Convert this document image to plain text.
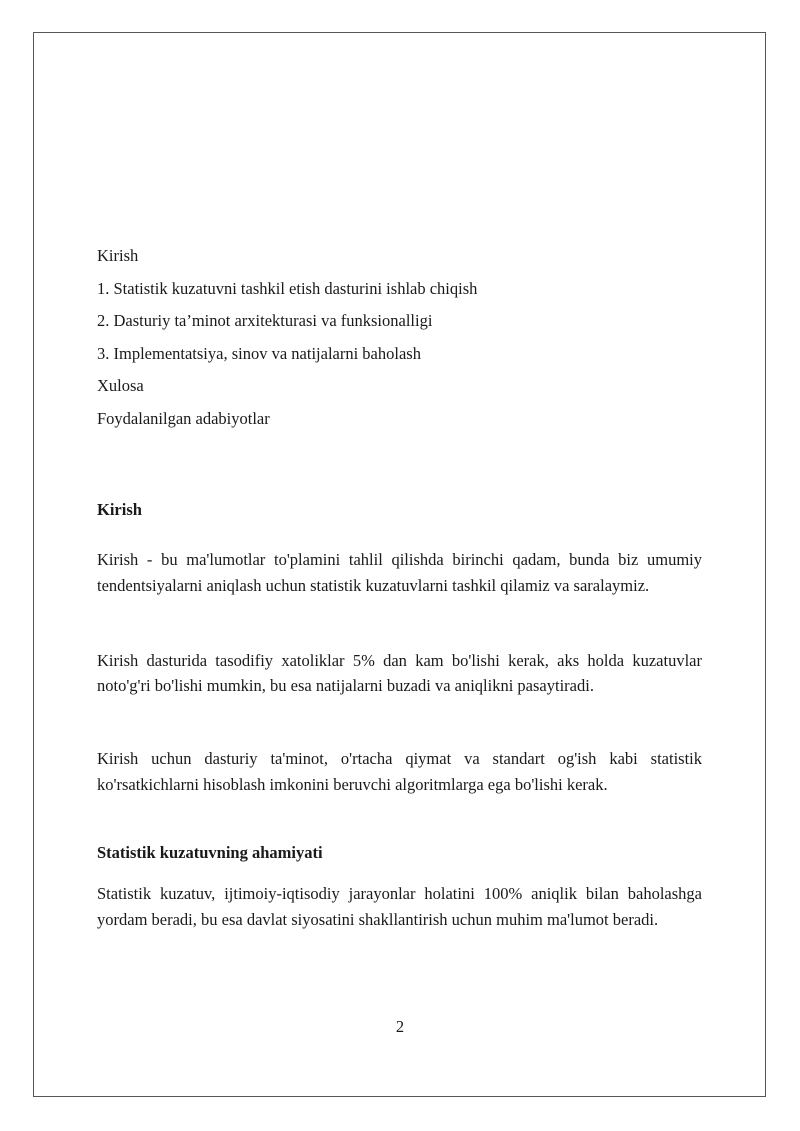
Kirish
1. Statistik kuzatuvni tashkil etish dasturini ishlab chiqish
2. Dasturiy ta’minot arxitekturasi va funksionalligi
3. Implementatsiya, sinov va natijalarni baholash
Xulosa
Foydalanilgan adabiyotlar

Kirish

Kirish - bu ma'lumotlar to'plamini tahlil qilishda birinchi qadam, bunda biz umumiy tendentsiyalarni aniqlash uchun statistik kuzatuvlarni tashkil qilamiz va saralaymiz.

Kirish dasturida tasodifiy xatoliklar 5% dan kam bo'lishi kerak, aks holda kuzatuvlar noto'g'ri bo'lishi mumkin, bu esa natijalarni buzadi va aniqlikni pasaytiradi.

Kirish uchun dasturiy ta'minot, o'rtacha qiymat va standart og'ish kabi statistik ko'rsatkichlarni hisoblash imkonini beruvchi algoritmlarga ega bo'lishi kerak.

Statistik kuzatuvning ahamiyati

Statistik kuzatuv, ijtimoiy-iqtisodiy jarayonlar holatini 100% aniqlik bilan baholashga yordam beradi, bu esa davlat siyosatini shakllantirish uchun muhim ma'lumot beradi.

2
